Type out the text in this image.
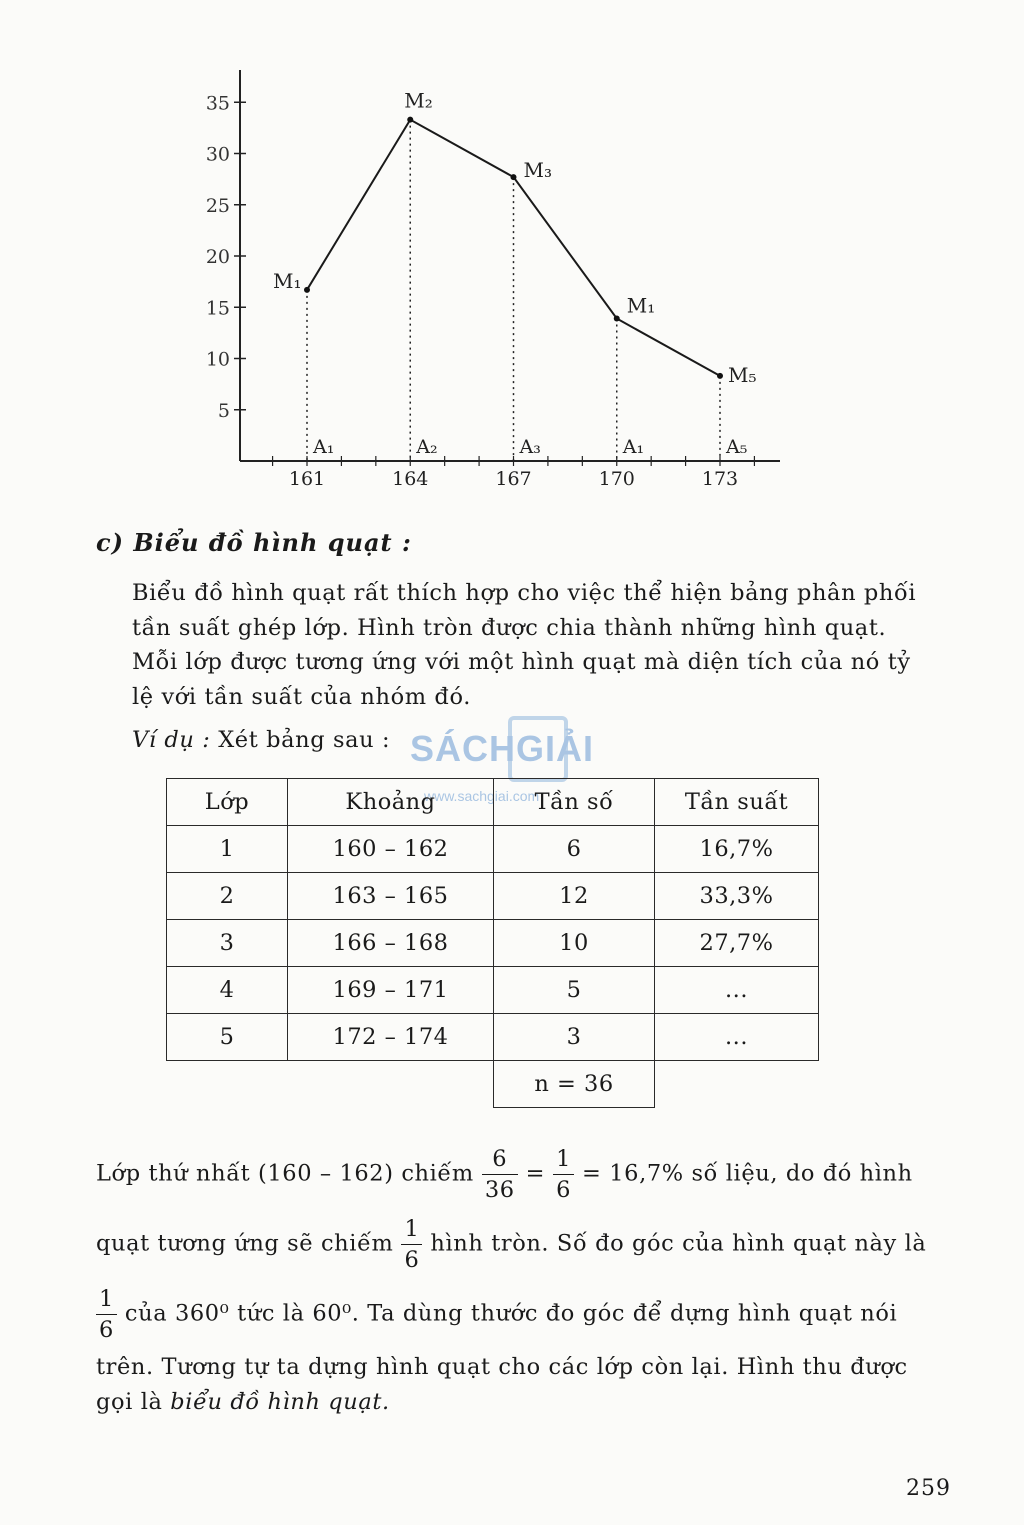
5
10
15
20
25
30
35
161
A₁
164
A₂
167
A₃
170
A₁
173
A₅
M₁
M₂
M₃
M₁
M₅
c) Biểu đồ hình quạt :
Biểu đồ hình quạt rất thích hợp cho việc thể hiện bảng phân phối
tần suất ghép lớp. Hình tròn được chia thành những hình quạt.
Mỗi lớp được tương ứng với một hình quạt mà diện tích của nó tỷ
lệ với tần suất của nhóm đó.
Ví dụ : Xét bảng sau : SÁCHGIẢI
www.sachgiai.com
Lớp	Khoảng	Tần số	Tần suất
1	160 – 162	6	16,7%
2	163 – 165	12	33,3%
3	166 – 168	10	27,7%
4	169 – 171	5	...
5	172 – 174	3	...
		n = 36	
Lớp thứ nhất (160 – 162) chiếm $\frac{6}{36} = \frac{1}{6} = 16,7\%$ số liệu, do đó hình
quạt tương ứng sẽ chiếm $\frac{1}{6}$ hình tròn. Số đo góc của hình quạt này là
$\frac{1}{6}$ của 360⁰ tức là 60⁰. Ta dùng thước đo góc để dựng hình quạt nói
trên. Tương tự ta dựng hình quạt cho các lớp còn lại. Hình thu được
gọi là biểu đồ hình quạt.
259
